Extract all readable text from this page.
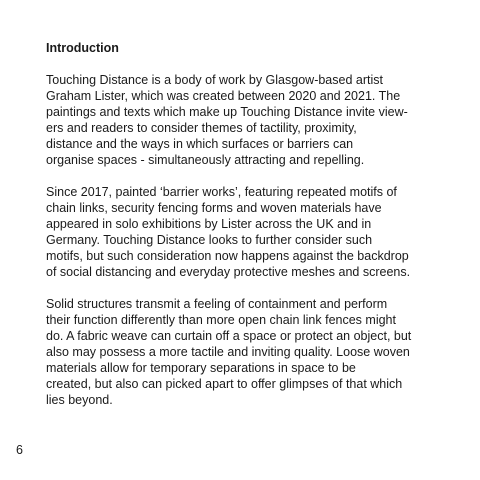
Introduction
Touching Distance is a body of work by Glasgow-based artist
Graham Lister, which was created between 2020 and 2021. The
paintings and texts which make up Touching Distance invite view-
ers and readers to consider themes of tactility, proximity,
distance and the ways in which surfaces or barriers can
organise spaces - simultaneously attracting and repelling.
Since 2017, painted ‘barrier works’, featuring repeated motifs of
chain links, security fencing forms and woven materials have
appeared in solo exhibitions by Lister across the UK and in
Germany. Touching Distance looks to further consider such
motifs, but such consideration now happens against the backdrop
of social distancing and everyday protective meshes and screens.
Solid structures transmit a feeling of containment and perform
their function differently than more open chain link fences might
do. A fabric weave can curtain off a space or protect an object, but
also may possess a more tactile and inviting quality. Loose woven
materials allow for temporary separations in space to be
created, but also can picked apart to offer glimpses of that which
lies beyond.
6
